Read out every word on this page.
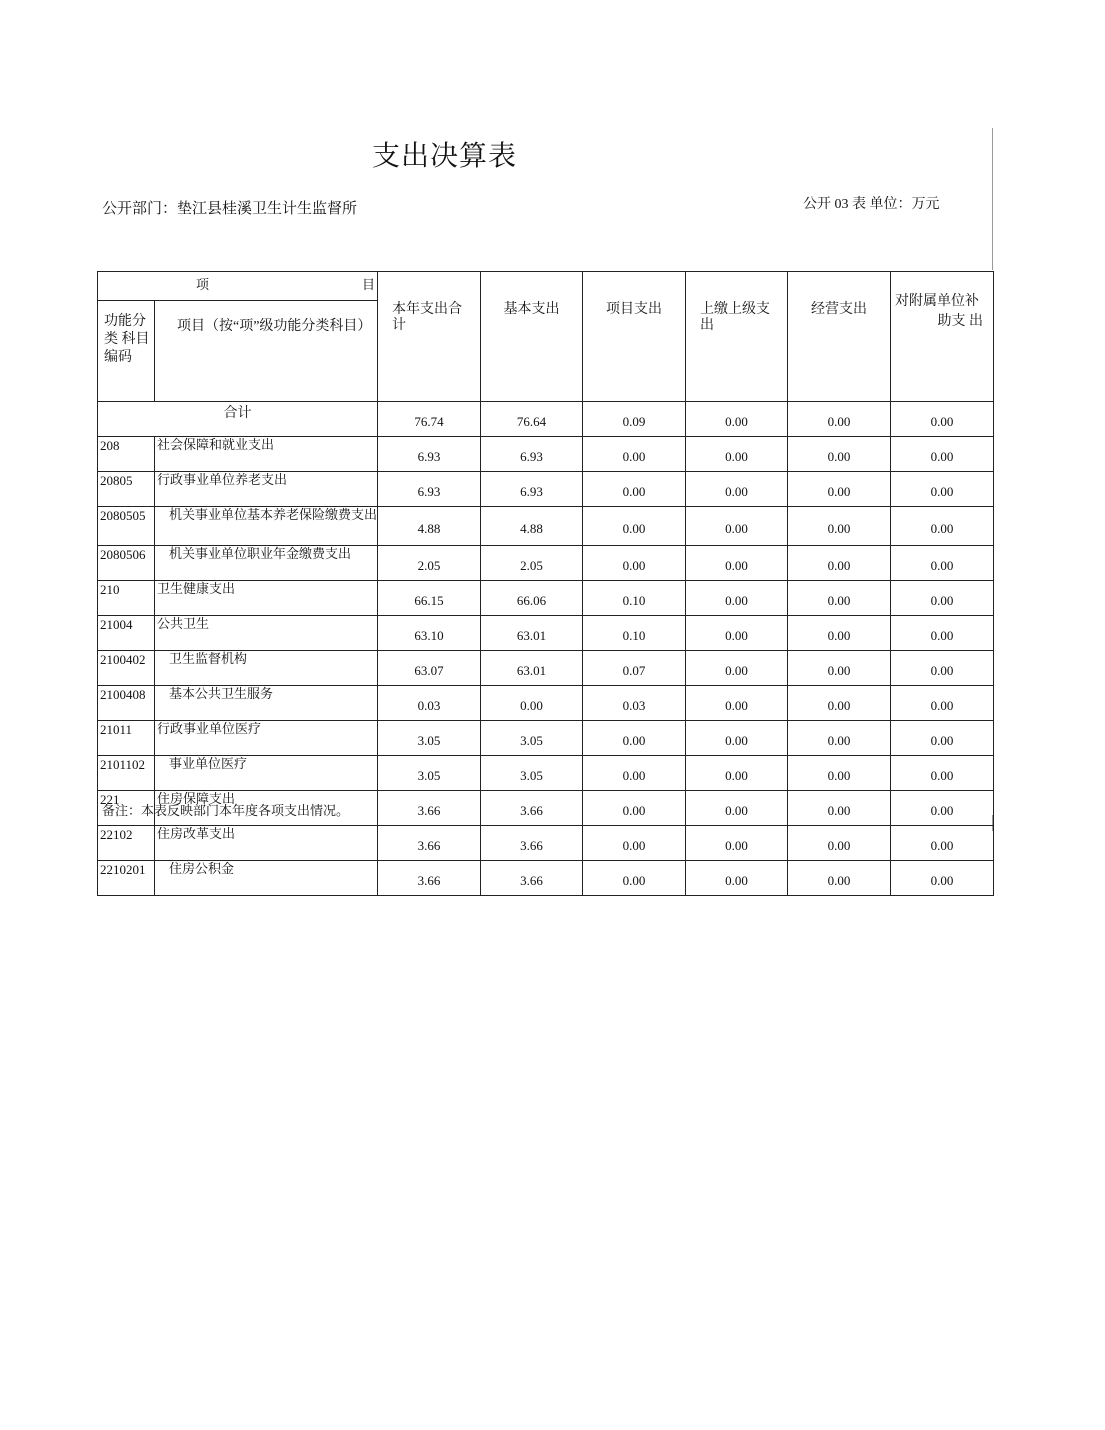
支出决算表
公开部门：垫江县桂溪卫生计生监督所	公开 03 表 单位：万元
项 目		本年支出合计	基本支出	项目支出	上缴上级支出	经营支出	对附属单位补
助支 出

功能分类 科目编码	项目（按“项”级功能分类科目）						
合计		76.74	76.64	0.09	0.00	0.00	0.00
208	社会保障和就业支出	6.93	6.93	0.00	0.00	0.00	0.00
20805	行政事业单位养老支出	6.93	6.93	0.00	0.00	0.00	0.00
2080505	机关事业单位基本养老保险缴费支出	4.88	4.88	0.00	0.00	0.00	0.00
2080506	机关事业单位职业年金缴费支出	2.05	2.05	0.00	0.00	0.00	0.00
210	卫生健康支出	66.15	66.06	0.10	0.00	0.00	0.00
21004	公共卫生	63.10	63.01	0.10	0.00	0.00	0.00
2100402	卫生监督机构	63.07	63.01	0.07	0.00	0.00	0.00
2100408	基本公共卫生服务	0.03	0.00	0.03	0.00	0.00	0.00
21011	行政事业单位医疗	3.05	3.05	0.00	0.00	0.00	0.00
2101102	事业单位医疗	3.05	3.05	0.00	0.00	0.00	0.00
221	住房保障支出	3.66	3.66	0.00	0.00	0.00	0.00
22102	住房改革支出	3.66	3.66	0.00	0.00	0.00	0.00
2210201	住房公积金	3.66	3.66	0.00	0.00	0.00	0.00
备注：本表反映部门本年度各项支出情况。
